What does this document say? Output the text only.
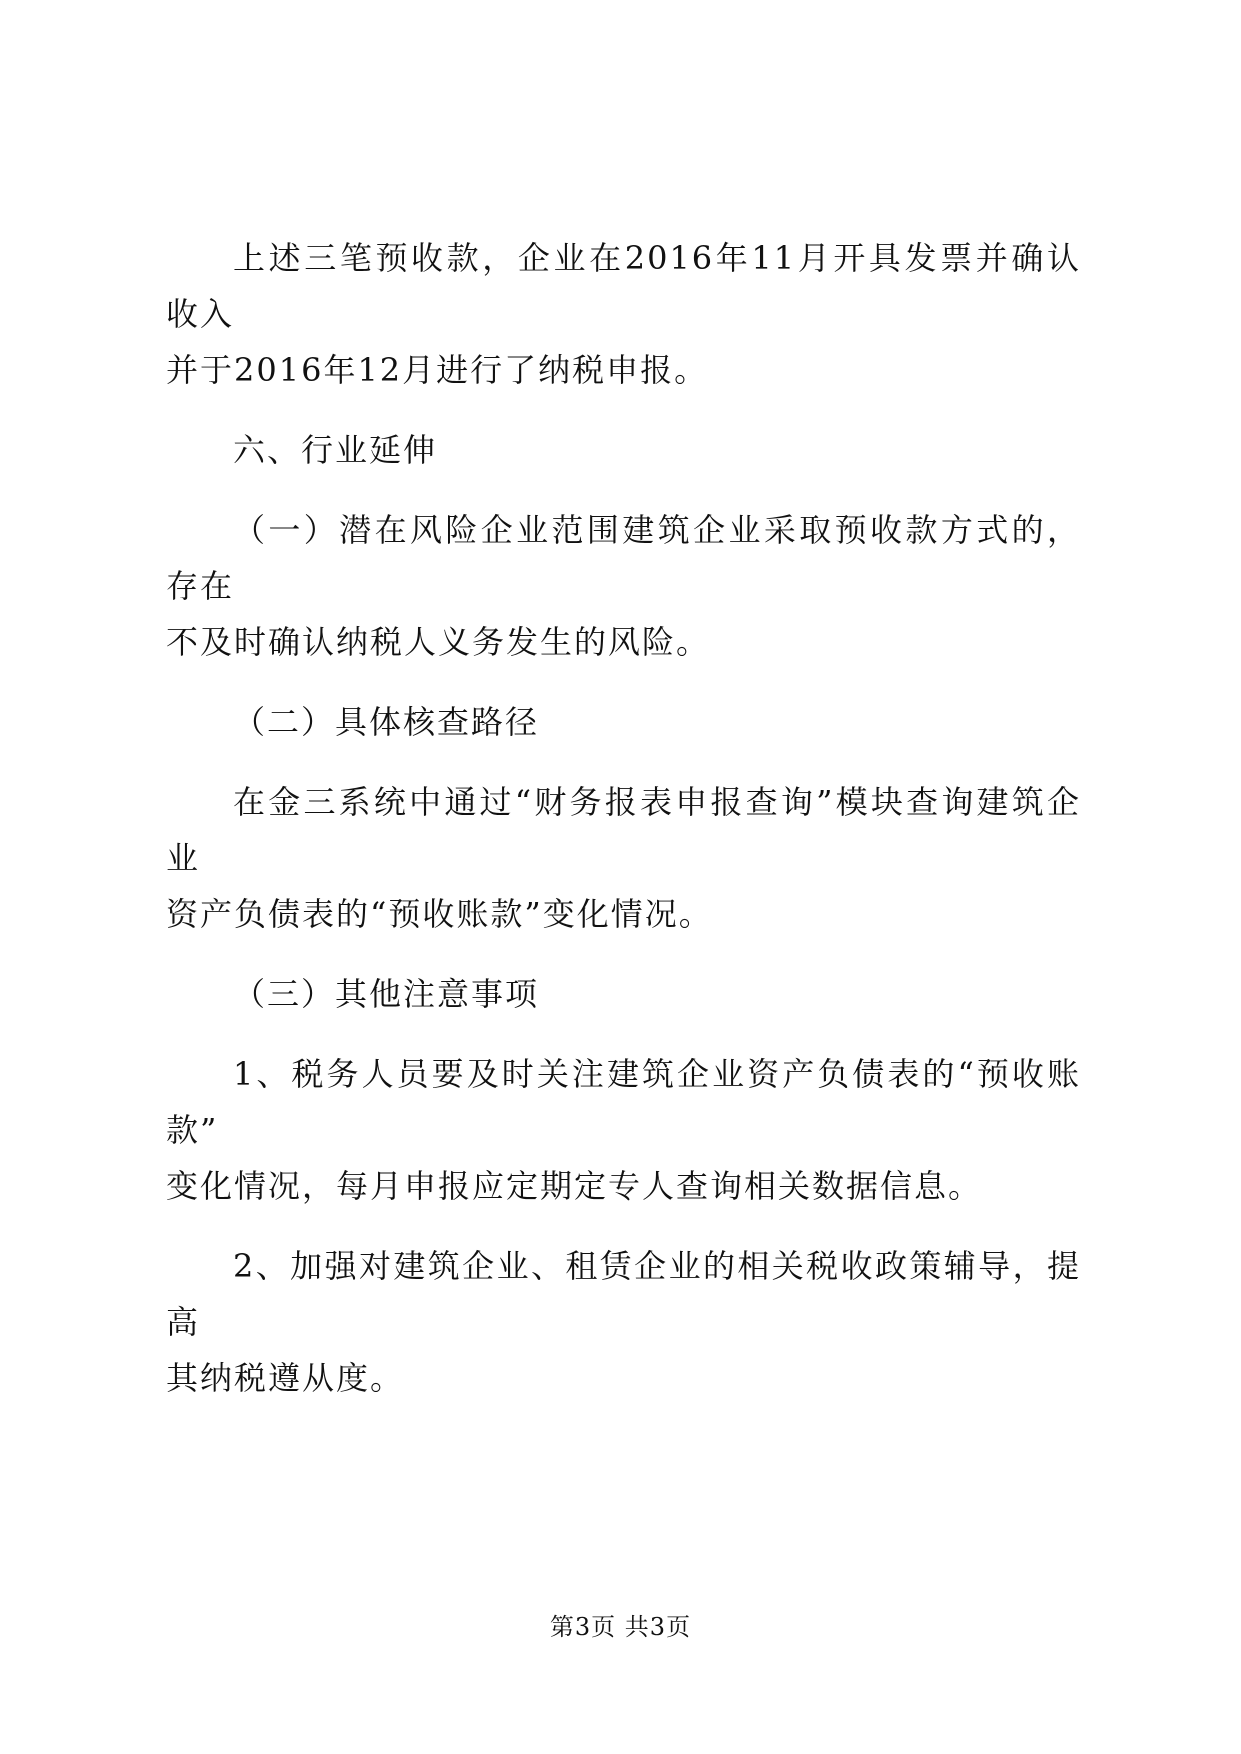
上述三笔预收款，企业在2016年11月开具发票并确认收入

并于2016年12月进行了纳税申报。

六、行业延伸

（一）潜在风险企业范围建筑企业采取预收款方式的，存在

不及时确认纳税人义务发生的风险。

（二）具体核查路径

在金三系统中通过“财务报表申报查询”模块查询建筑企业

资产负债表的“预收账款”变化情况。

（三）其他注意事项

1、税务人员要及时关注建筑企业资产负债表的“预收账款”

变化情况，每月申报应定期定专人查询相关数据信息。

2、加强对建筑企业、租赁企业的相关税收政策辅导，提高

其纳税遵从度。

第3页 共3页
